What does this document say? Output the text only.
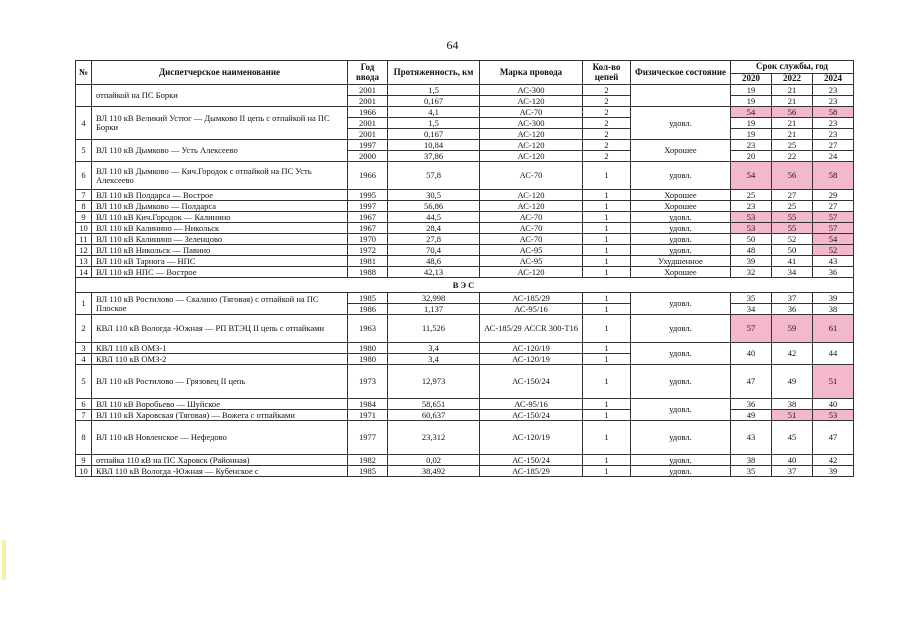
64
№	Диспетчерское наименование	Год ввода	Протяженность, км	Марка провода	Кол-во цепей	Физическое состояние	Срок службы, год		
							2020	2022	2024
	отпайкой на ПС Борки	2001	1,5	АС-300	2		19	21	23
		2001	0,167	АС-120	2		19	21	23
4	ВЛ 110 кВ Великий Устюг — Дымково II цепь с отпайкой на ПС Борки	1966	4,1	АС-70	2	удовл.	54	56	58
		2001	1,5	АС-300	2		19	21	23
		2001	0,167	АС-120	2		19	21	23
5	ВЛ 110 кВ Дымково — Усть Алексеево	1997	10,84	АС-120	2	Хорошее	23	25	27
		2000	37,86	АС-120	2		20	22	24
6	ВЛ 110 кВ Дымково — Кич.Городок с отпайкой на ПС Усть Алексеево	1966	57,8	АС-70	1	удовл.	54	56	58
7	ВЛ 110 кВ Полдарса — Вострое	1995	30,5	АС-120	1	Хорошее	25	27	29
8	ВЛ 110 кВ Дымково — Полдарса	1997	56,86	АС-120	1	Хорошее	23	25	27
9	ВЛ 110 кВ Кич.Городок — Калинино	1967	44,5	АС-70	1	удовл.	53	55	57
10	ВЛ 110 кВ Калинино — Никольск	1967	28,4	АС-70	1	удовл.	53	55	57
11	ВЛ 110 кВ Калинино — Зеленцово	1970	27,8	АС-70	1	удовл.	50	52	54
12	ВЛ 110 кВ Никольск — Павино	1972	70,4	АС-95	1	удовл.	48	50	52
13	ВЛ 110 кВ Тарнога — НПС	1981	48,6	АС-95	1	Ухудшенное	39	41	43
14	ВЛ 110 кВ НПС — Вострое	1988	42,13	АС-120	1	Хорошее	32	34	36
ВЭС									
1	ВЛ 110 кВ Ростилово — Скалино (Тяговая) с отпайкой на ПС Плоское	1985	32,998	АС-185/29	1	удовл.	35	37	39
		1986	1,137	АС-95/16	1		34	36	38
2	КВЛ 110 кВ Вологда -Южная — РП ВТЭЦ II цепь с отпайками	1963	11,526	АС-185/29 АССR 300-Т16	1	удовл.	57	59	61
3	КВЛ 110 кВ ОМЗ-1	1980	3,4	АС-120/19	1	удовл.	40	42	44
4	КВЛ 110 кВ ОМЗ-2	1980	3,4	АС-120/19	1				
5	ВЛ 110 кВ Ростилово — Грязовец II цепь	1973	12,973	АС-150/24	1	удовл.	47	49	51
6	ВЛ 110 кВ Воробьево — Шуйское	1984	58,651	АС-95/16	1	удовл.	36	38	40
7	ВЛ 110 кВ Харовская (Тяговая) — Вожега с отпайками	1971	60,637	АС-150/24	1		49	51	53
8	ВЛ 110 кВ Новленское — Нефедово	1977	23,312	АС-120/19	1	удовл.	43	45	47
9	отпайка 110 кВ на ПС Харовск (Районная)	1982	0,02	АС-150/24	1	удовл.	38	40	42
10	КВЛ 110 кВ Вологда -Южная — Кубенское с	1985	38,492	АС-185/29	1	удовл.	35	37	39
